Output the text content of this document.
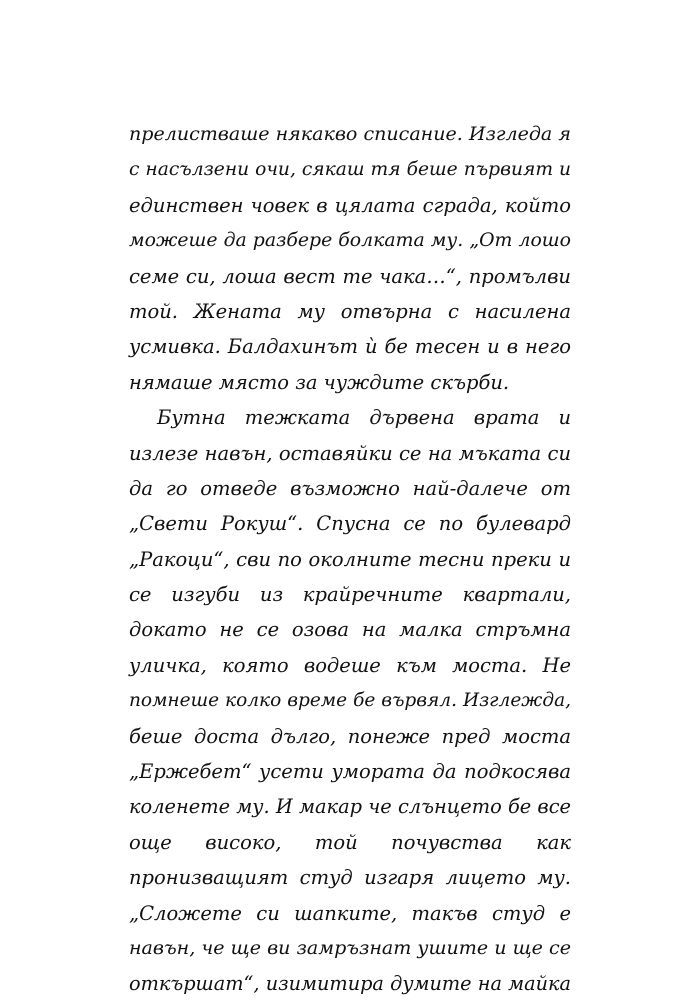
прелистваше някакво списание. Изгледа я
с насълзени очи, сякаш тя беше първият и
единствен човек в цялата сграда, който
можеше да разбере болката му. „От лошо
семе си, лоша вест те чака…“, промълви
той. Жената му отвърна с насилена
усмивка. Балдахинът ѝ бе тесен и в него
нямаше място за чуждите скърби.
Бутна тежката дървена врата и
излезе навън, оставяйки се на мъката си
да го отведе възможно най-далече от
„Свети Рокуш“. Спусна се по булевард
„Ракоци“, сви по околните тесни преки и
се изгуби из крайречните квартали,
докато не се озова на малка стръмна
уличка, която водеше към моста. Не
помнеше колко време бе вървял. Изглежда,
беше доста дълго, понеже пред моста
„Ержебет“ усети умората да подкосява
коленете му. И макар че слънцето бе все
още високо, той почувства как
пронизващият студ изгаря лицето му.
„Сложете си шапките, такъв студ е
навън, че ще ви замръзнат ушите и ще се
откършат“, изимитира думите на майка
